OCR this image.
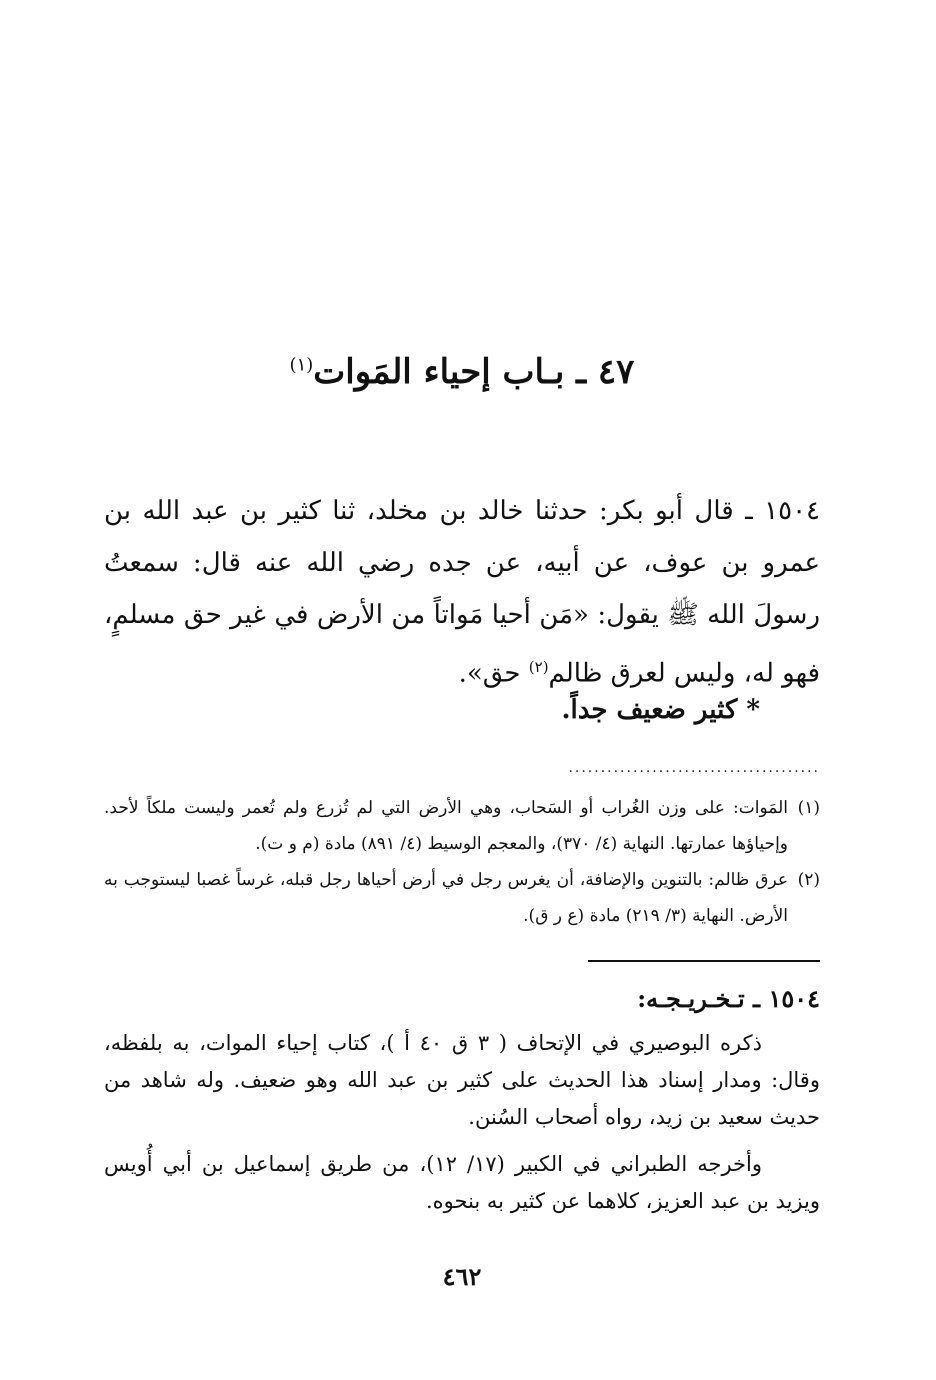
٤٧ ـ بـاب إحياء المَوات$^{(١)}$
١٥٠٤ ـ قال أبو بكر: حدثنا خالد بن مخلد، ثنا كثير بن عبد الله بن عمرو بن عوف، عن أبيه، عن جده رضي الله عنه قال: سمعتُ رسولَ الله ﷺ يقول: «مَن أحيا مَواتاً من الأرض في غير حق مسلمٍ، فهو له، وليس لعرق ظالم$^{(٢)}$ حق».
* كثير ضعيف جداً.
.......................................
(١)
المَوات: على وزن الغُراب أو السَحاب، وهي الأرض التي لم تُزرع ولم تُعمر وليست ملكاً لأحد. وإحياؤها عمارتها. النهاية (٤/ ٣٧٠)، والمعجم الوسيط (٤/ ٨٩١) مادة (م و ت).
(٢)
عرق ظالم: بالتنوين والإضافة، أن يغرس رجل في أرض أحياها رجل قبله، غرساً غصبا ليستوجب به الأرض. النهاية (٣/ ٢١٩) مادة (ع ر ق).
١٥٠٤ ـ تـخـريـجـه:

ذكره البوصيري في الإتحاف ( ٣ ق ٤٠ أ )، كتاب إحياء الموات، به بلفظه، وقال: ومدار إسناد هذا الحديث على كثير بن عبد الله وهو ضعيف. وله شاهد من حديث سعيد بن زيد، رواه أصحاب السُنن.

وأخرجه الطبراني في الكبير (١٧/ ١٢)، من طريق إسماعيل بن أبي أُويس ويزيد بن عبد العزيز، كلاهما عن كثير به بنحوه.

٤٦٢
